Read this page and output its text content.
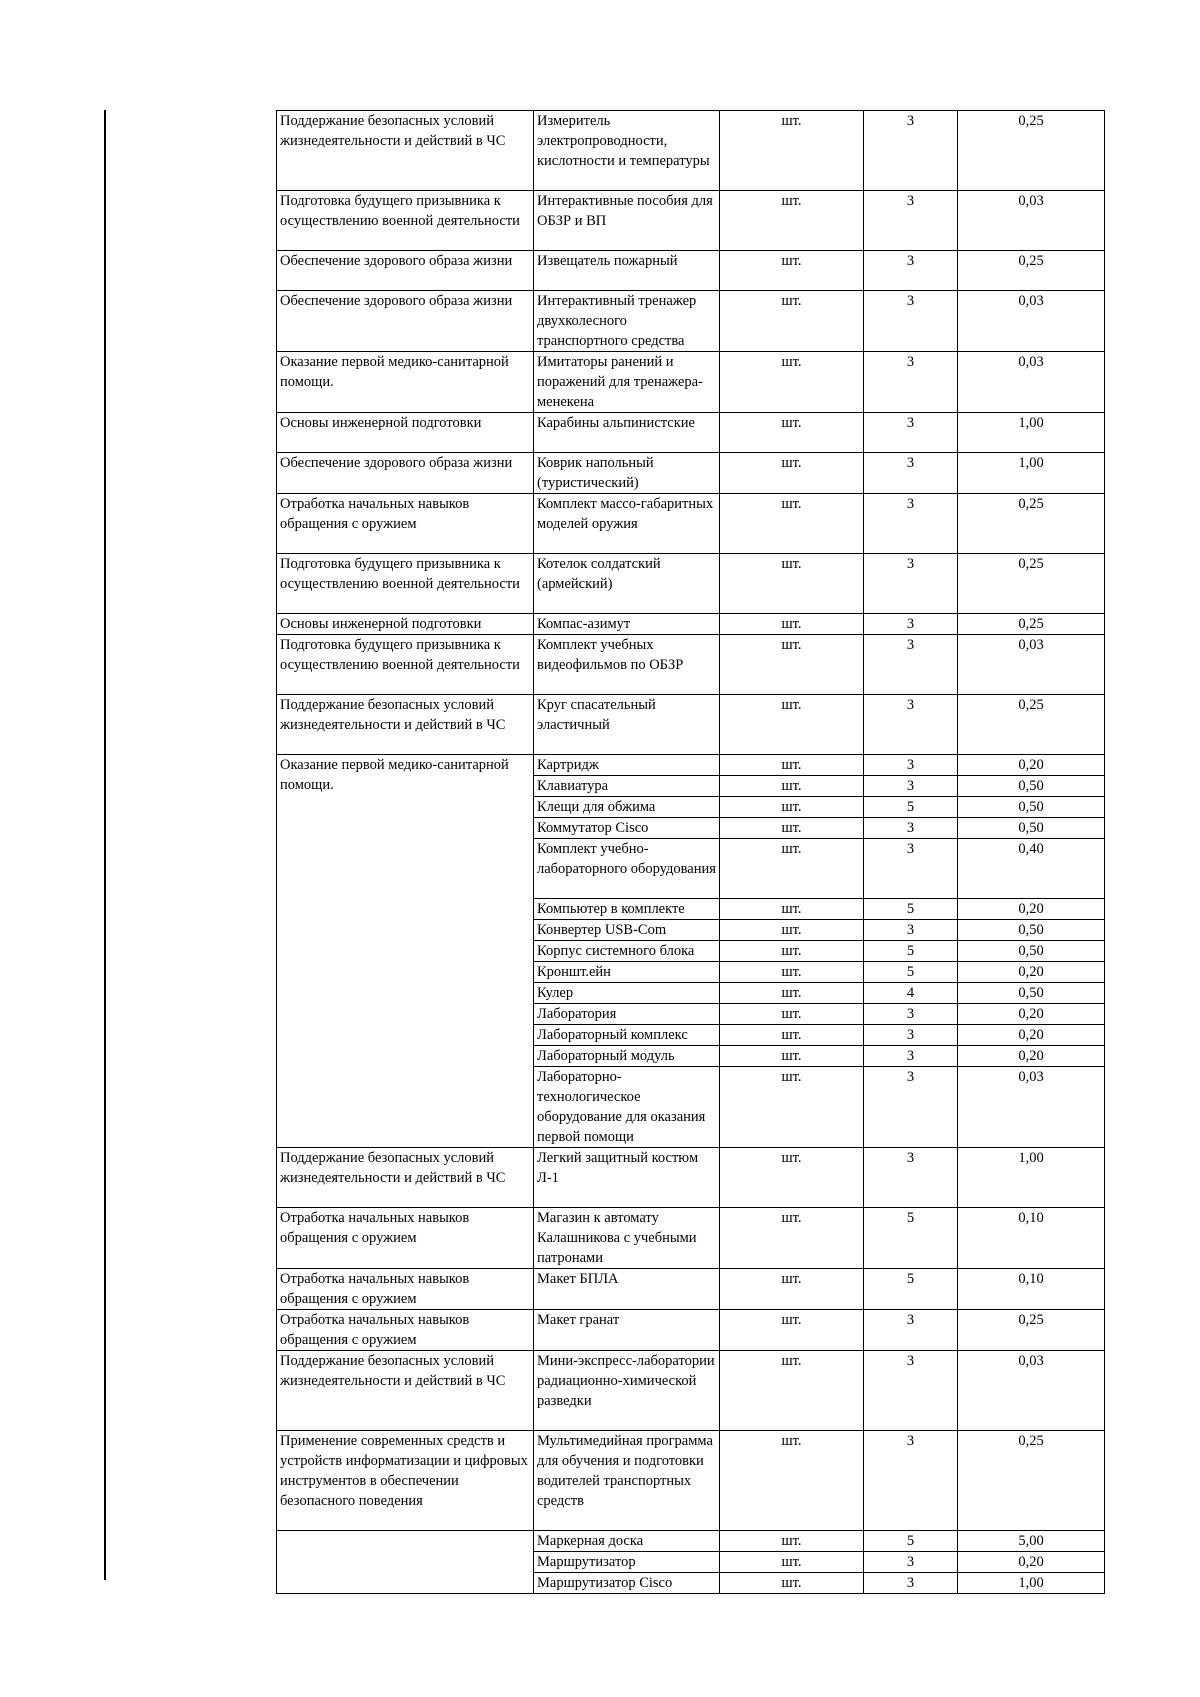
Поддержание безопасных условий жизнедеятельности и действий в ЧС	Измеритель электропроводности, кислотности и температуры	шт.	3	0,25
Подготовка будущего призывника к осуществлению военной деятельности	Интерактивные пособия для ОБЗР и ВП	шт.	3	0,03
Обеспечение здорового образа жизни	Извещатель пожарный	шт.	3	0,25
Обеспечение здорового образа жизни	Интерактивный тренажер двухколесного транспортного средства	шт.	3	0,03
Оказание первой медико-санитарной помощи.	Имитаторы ранений и поражений для тренажера-менекена	шт.	3	0,03
Основы инженерной подготовки	Карабины альпинистские	шт.	3	1,00
Обеспечение здорового образа жизни	Коврик напольный (туристический)	шт.	3	1,00
Отработка начальных навыков обращения с оружием	Комплект массо-габаритных моделей оружия	шт.	3	0,25
Подготовка будущего призывника к осуществлению военной деятельности	Котелок солдатский (армейский)	шт.	3	0,25
Основы инженерной подготовки	Компас-азимут	шт.	3	0,25
Подготовка будущего призывника к осуществлению военной деятельности	Комплект учебных видеофильмов по ОБЗР	шт.	3	0,03
Поддержание безопасных условий жизнедеятельности и действий в ЧС	Круг спасательный эластичный	шт.	3	0,25
Оказание первой медико-санитарной помощи.	Картридж	шт.	3	0,20
	Клавиатура	шт.	3	0,50
	Клещи для обжима	шт.	5	0,50
	Коммутатор Cisco	шт.	3	0,50
	Комплект учебно-лабораторного оборудования	шт.	3	0,40
	Компьютер в комплекте	шт.	5	0,20
	Конвертер USB-Com	шт.	3	0,50
	Корпус системного блока	шт.	5	0,50
	Кроншт.ейн	шт.	5	0,20
	Кулер	шт.	4	0,50
	Лаборатория	шт.	3	0,20
	Лабораторный комплекс	шт.	3	0,20
	Лабораторный модуль	шт.	3	0,20
	Лабораторно-технологическое оборудование для оказания первой помощи	шт.	3	0,03
Поддержание безопасных условий жизнедеятельности и действий в ЧС	Легкий защитный костюм Л-1	шт.	3	1,00
Отработка начальных навыков обращения с оружием	Магазин к автомату Калашникова с учебными патронами	шт.	5	0,10
Отработка начальных навыков обращения с оружием	Макет БПЛА	шт.	5	0,10
Отработка начальных навыков обращения с оружием	Макет гранат	шт.	3	0,25
Поддержание безопасных условий жизнедеятельности и действий в ЧС	Мини-экспресс-лаборатории радиационно-химической разведки	шт.	3	0,03
Применение современных средств и устройств информатизации и цифровых инструментов в обеспечении безопасного поведения	Мультимедийная программа для обучения и подготовки водителей транспортных средств	шт.	3	0,25
	Маркерная доска	шт.	5	5,00
	Маршрутизатор	шт.	3	0,20
	Маршрутизатор Cisco	шт.	3	1,00
